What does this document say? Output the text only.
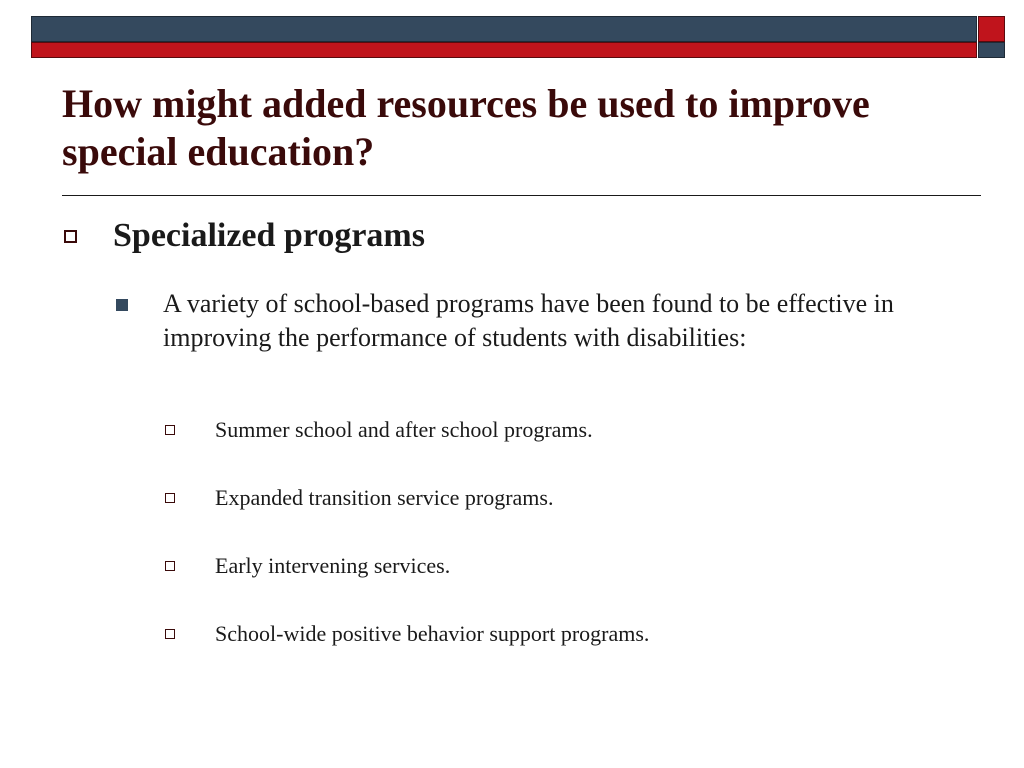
How might added resources be used to improve special education?
Specialized programs
A variety of school-based programs have been found to be effective in improving the performance of students with disabilities:
Summer school and after school programs.
Expanded transition service programs.
Early intervening services.
School-wide positive behavior support programs.
